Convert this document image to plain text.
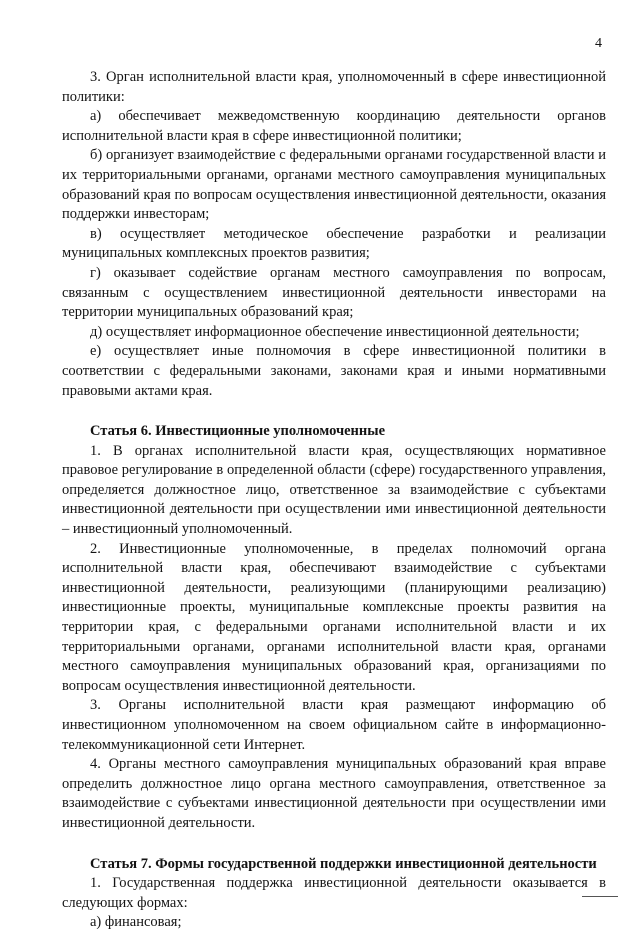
4

3. Орган исполнительной власти края, уполномоченный в сфере инвестиционной политики:

а) обеспечивает межведомственную координацию деятельности органов исполнительной власти края в сфере инвестиционной политики;

б) организует взаимодействие с федеральными органами государственной власти и их территориальными органами, органами местного самоуправления муниципальных образований края по вопросам осуществления инвестиционной деятельности, оказания поддержки инвесторам;

в) осуществляет методическое обеспечение разработки и реализации муниципальных комплексных проектов развития;

г) оказывает содействие органам местного самоуправления по вопросам, связанным с осуществлением инвестиционной деятельности инвесторами на территории муниципальных образований края;

д) осуществляет информационное обеспечение инвестиционной деятельности;

е) осуществляет иные полномочия в сфере инвестиционной политики в соответствии с федеральными законами, законами края и иными нормативными правовыми актами края.

Статья 6. Инвестиционные уполномоченные

1. В органах исполнительной власти края, осуществляющих нормативное правовое регулирование в определенной области (сфере) государственного управления, определяется должностное лицо, ответственное за взаимодействие с субъектами инвестиционной деятельности при осуществлении ими инвестиционной деятельности – инвестиционный уполномоченный.

2. Инвестиционные уполномоченные, в пределах полномочий органа исполнительной власти края, обеспечивают взаимодействие с субъектами инвестиционной деятельности, реализующими (планирующими реализацию) инвестиционные проекты, муниципальные комплексные проекты развития на территории края, с федеральными органами исполнительной власти и их территориальными органами, органами исполнительной власти края, органами местного самоуправления муниципальных образований края, организациями по вопросам осуществления инвестиционной деятельности.

3. Органы исполнительной власти края размещают информацию об инвестиционном уполномоченном на своем официальном сайте в информационно-телекоммуникационной сети Интернет.

4. Органы местного самоуправления муниципальных образований края вправе определить должностное лицо органа местного самоуправления, ответственное за взаимодействие с субъектами инвестиционной деятельности при осуществлении ими инвестиционной деятельности.

Статья 7. Формы государственной поддержки инвестиционной деятельности

1. Государственная поддержка инвестиционной деятельности оказывается в следующих формах:

а) финансовая;
